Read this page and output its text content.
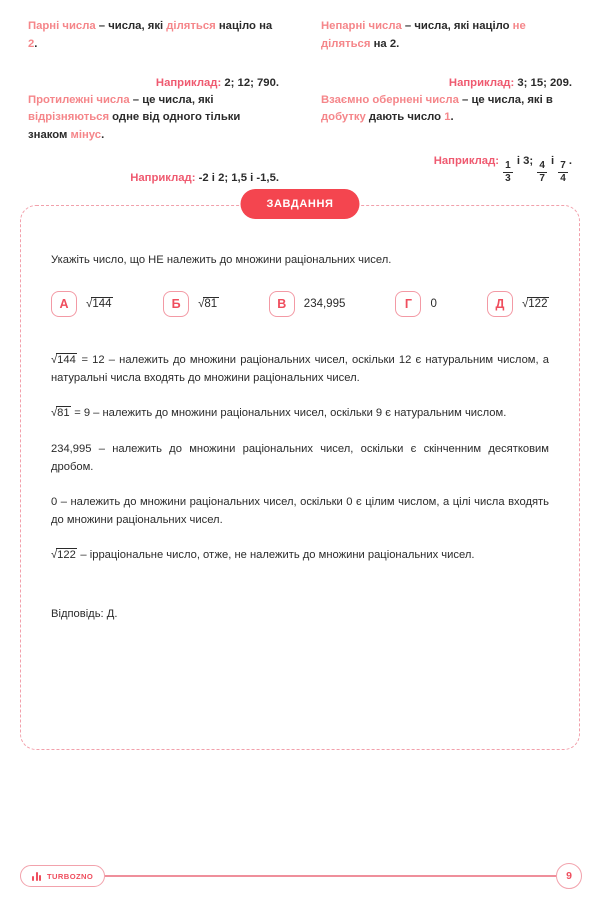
Парні числа – числа, які діляться націло на 2.

Наприклад: 2; 12; 790.

Непарні числа – числа, які націло не діляться на 2.

Наприклад: 3; 15; 209.

Протилежні числа – це числа, які відрізняються одне від одного тільки знаком мінус.

Наприклад: -2 і 2; 1,5 і -1,5.

Взаємно обернені числа – це числа, які в добутку дають число 1.

Наприклад:
$\frac{1}{3}$
і 3;
$\frac{4}{7}$
і
$\frac{7}{4}$
.
ЗАВДАННЯ

Укажіть число, що НЕ належить до множини раціональних чисел.

А	√144	Б	√81	В	234,995	Г	0	Д	√122

√144 = 12 – належить до множини раціональних чисел, оскільки 12 є натуральним числом, а натуральні числа входять до множини раціональних чисел.

√81 = 9 – належить до множини раціональних чисел, оскільки 9 є натуральним числом.

234,995 – належить до множини раціональних чисел, оскільки є скінченним десятковим дробом.

0 – належить до множини раціональних чисел, оскільки 0 є цілим числом, а цілі числа входять до множини раціональних чисел.

√122 – ірраціональне число, отже, не належить до множини раціональних чисел.

Відповідь: Д.

TURBOZNO	9
